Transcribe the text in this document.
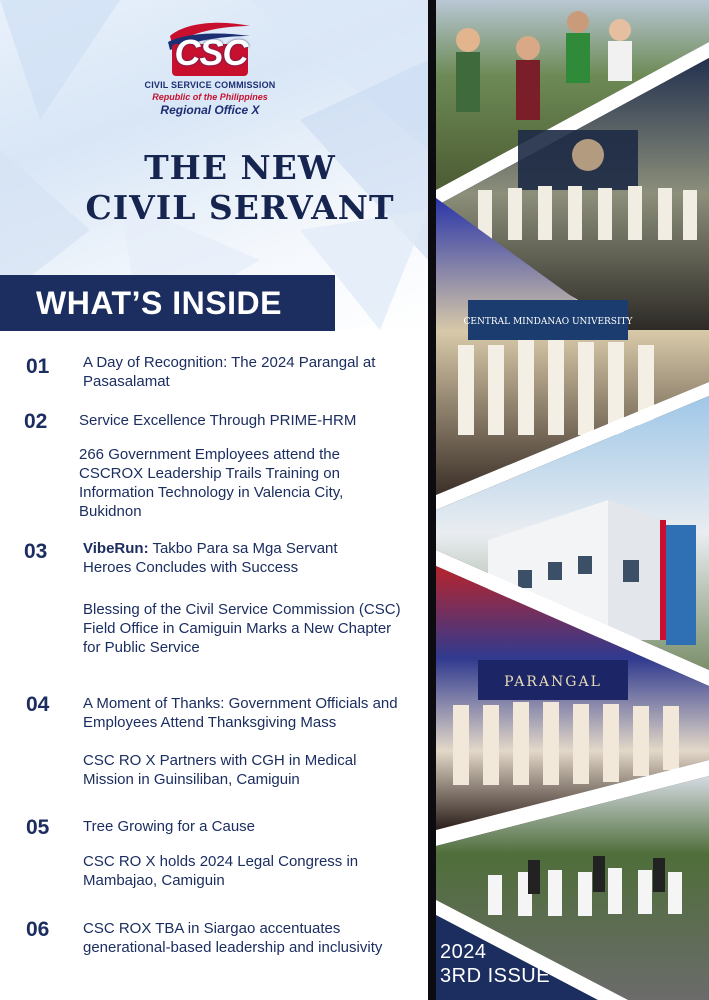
CSC
CIVIL SERVICE COMMISSION
Republic of the Philippines
Regional Office X
THE NEW
CIVIL SERVANT
WHAT’S INSIDE
01 A Day of Recognition: The 2024 Parangal at Pasasalamat
02 Service Excellence Through PRIME-HRM
266 Government Employees attend the CSCROX Leadership Trails Training on Information Technology in Valencia City, Bukidnon
03 VibeRun: Takbo Para sa Mga Servant Heroes Concludes with Success
Blessing of the Civil Service Commission (CSC) Field Office in Camiguin Marks a New Chapter for Public Service
04 A Moment of Thanks: Government Officials and Employees Attend Thanksgiving Mass
CSC RO X Partners with CGH in Medical Mission in Guinsiliban, Camiguin
05 Tree Growing for a Cause
CSC RO X holds 2024 Legal Congress in Mambajao, Camiguin
06 CSC ROX TBA in Siargao accentuates generational-based leadership and inclusivity
CENTRAL MINDANAO UNIVERSITY
PARANGAL
2024
3RD ISSUE
